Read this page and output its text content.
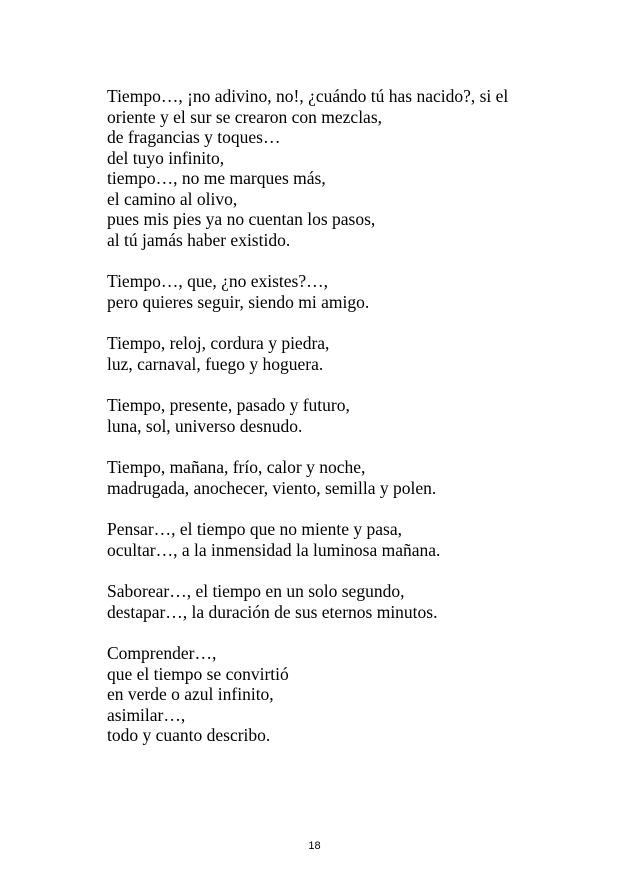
Tiempo…, ¡no adivino, no!, ¿cuándo tú has nacido?, si el
oriente y el sur se crearon con mezclas,
de fragancias y toques…
del tuyo infinito,
tiempo…, no me marques más,
el camino al olivo,
pues mis pies ya no cuentan los pasos,
al tú jamás haber existido.
Tiempo…, que, ¿no existes?…,
pero quieres seguir, siendo mi amigo.
Tiempo, reloj, cordura y piedra,
luz, carnaval, fuego y hoguera.
Tiempo, presente, pasado y futuro,
luna, sol, universo desnudo.
Tiempo, mañana, frío, calor y noche,
madrugada, anochecer, viento, semilla y polen.
Pensar…, el tiempo que no miente y pasa,
ocultar…, a la inmensidad la luminosa mañana.
Saborear…, el tiempo en un solo segundo,
destapar…, la duración de sus eternos minutos.
Comprender…,
que el tiempo se convirtió
en verde o azul infinito,
asimilar…,
todo y cuanto describo.
18
